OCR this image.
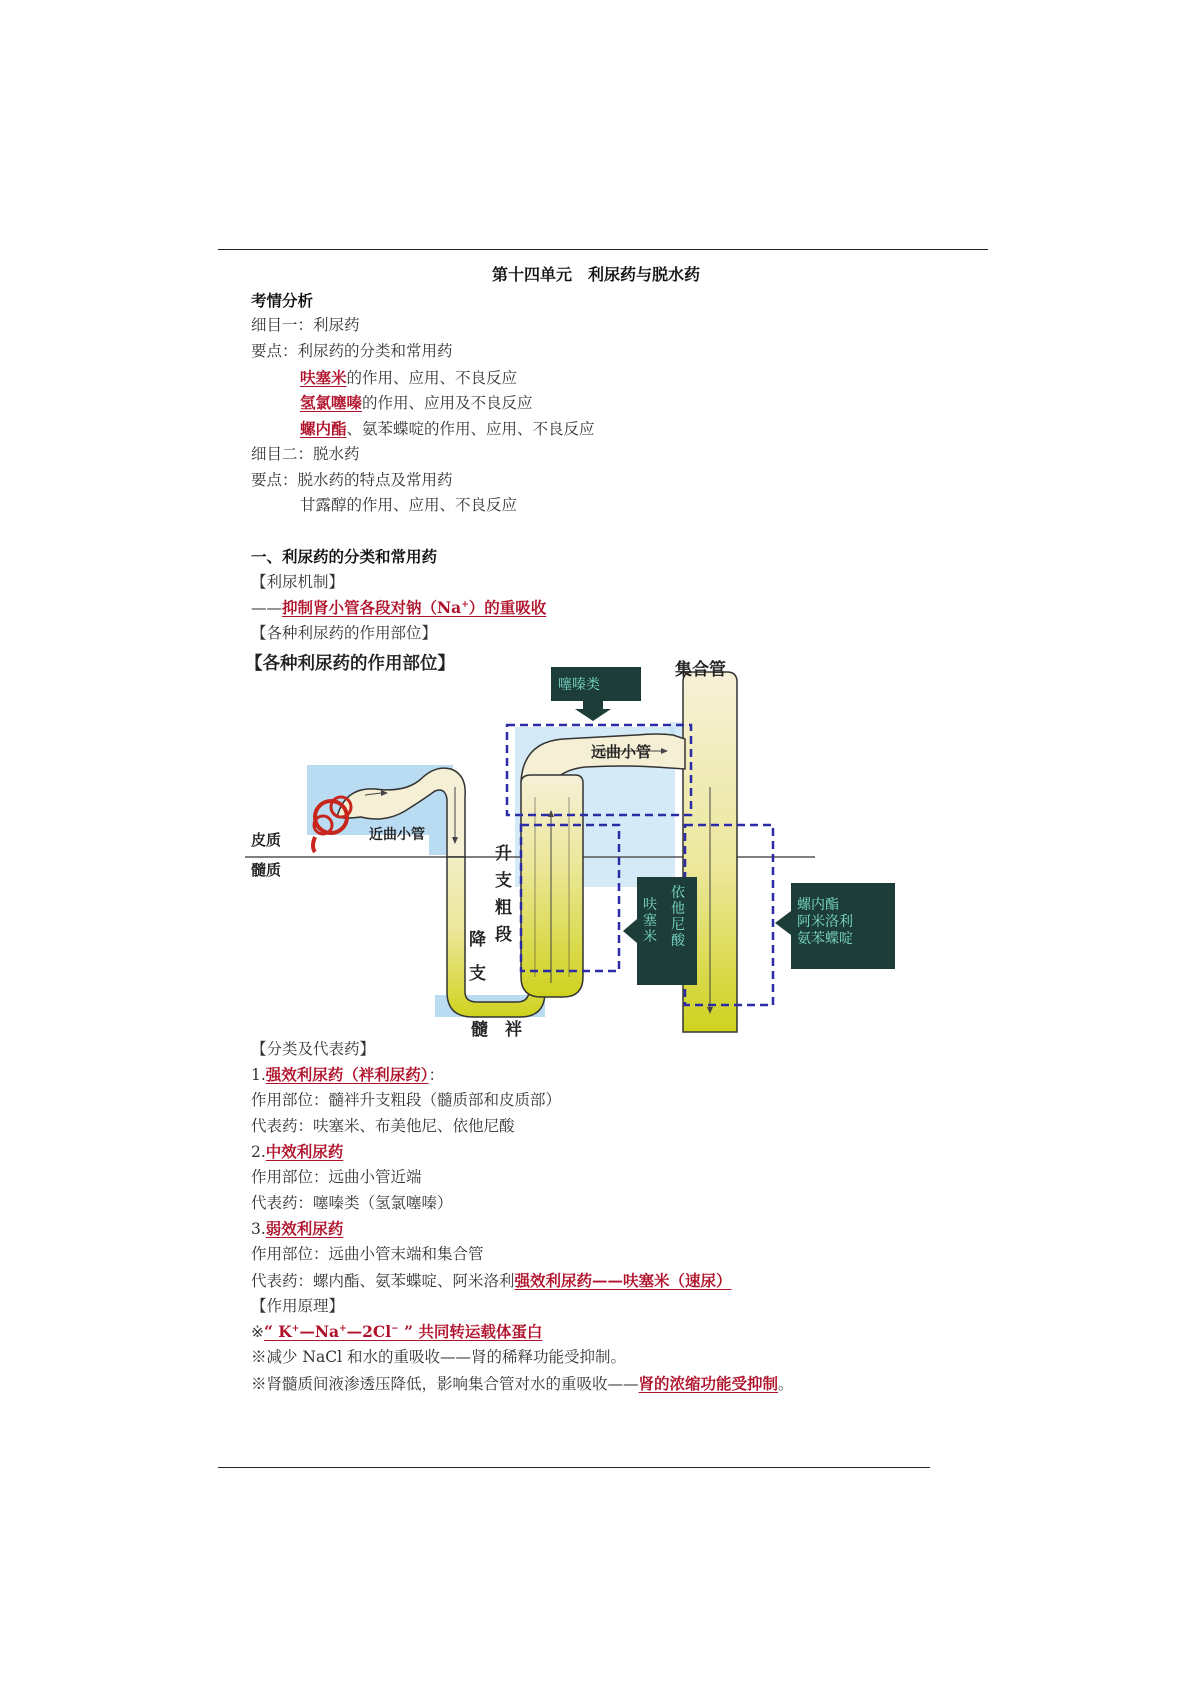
第十四单元　利尿药与脱水药
考情分析
细目一：利尿药
要点：利尿药的分类和常用药
呋塞米的作用、应用、不良反应
氢氯噻嗪的作用、应用及不良反应
螺内酯、氨苯蝶啶的作用、应用、不良反应
细目二：脱水药
要点：脱水药的特点及常用药
甘露醇的作用、应用、不良反应
一、利尿药的分类和常用药
【利尿机制】
——抑制肾小管各段对钠（Na+）的重吸收
【各种利尿药的作用部位】
【各种利尿药的作用部位】
噻嗪类
呋 塞 米
依 他 尼 酸
螺内酯 阿米洛利 氨苯蝶啶
集合管
远曲小管
近曲小管
皮质
髓质
升 支 粗 段
降 支
髓　袢
【分类及代表药】
1.强效利尿药（袢利尿药）：
作用部位：髓袢升支粗段（髓质部和皮质部）
代表药：呋塞米、布美他尼、依他尼酸
2.中效利尿药
作用部位：远曲小管近端
代表药：噻嗪类（氢氯噻嗪）
3.弱效利尿药
作用部位：远曲小管末端和集合管
代表药：螺内酯、氨苯蝶啶、阿米洛利强效利尿药——呋塞米（速尿）
【作用原理】
※“ K+—Na+—2Cl− ” 共同转运载体蛋白
※减少 NaCl 和水的重吸收——肾的稀释功能受抑制。
※肾髓质间液渗透压降低，影响集合管对水的重吸收——肾的浓缩功能受抑制。
